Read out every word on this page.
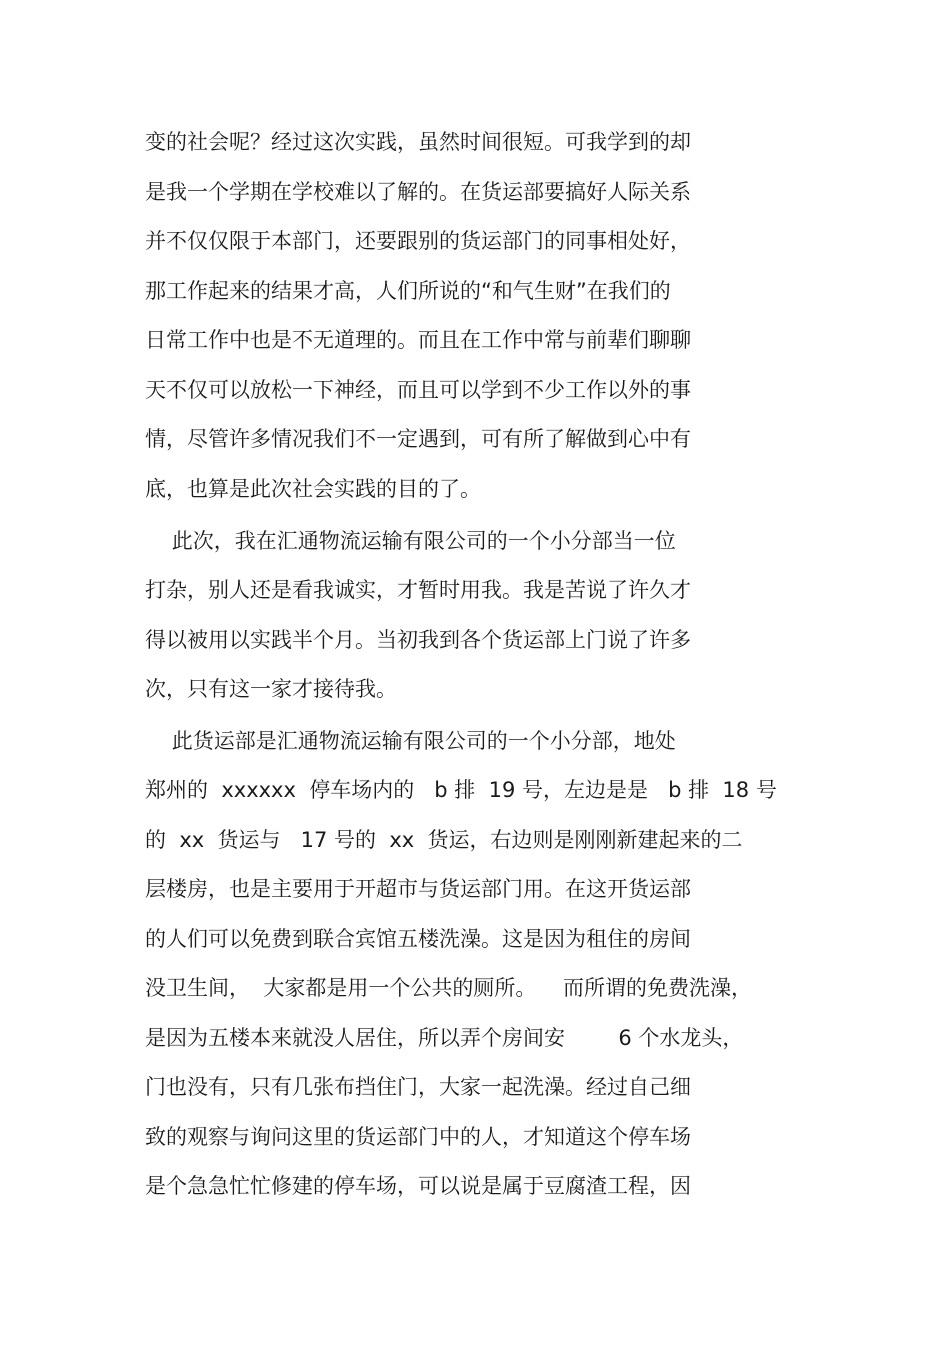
变的社会呢？经过这次实践，虽然时间很短。可我学到的却

是我一个学期在学校难以了解的。在货运部要搞好人际关系

并不仅仅限于本部门，还要跟别的货运部门的同事相处好，

那工作起来的结果才高，人们所说的“和气生财”在我们的

日常工作中也是不无道理的。而且在工作中常与前辈们聊聊

天不仅可以放松一下神经，而且可以学到不少工作以外的事

情，尽管许多情况我们不一定遇到，可有所了解做到心中有

底，也算是此次社会实践的目的了。

此次，我在汇通物流运输有限公司的一个小分部当一位

打杂，别人还是看我诚实，才暂时用我。我是苦说了许久才

得以被用以实践半个月。当初我到各个货运部上门说了许多

次，只有这一家才接待我。

此货运部是汇通物流运输有限公司的一个小分部，地处

郑州的  xxxxxx  停车场内的   b 排  19 号，左边是是   b 排  18 号

的  xx  货运与   17 号的  xx  货运，右边则是刚刚新建起来的二

层楼房，也是主要用于开超市与货运部门用。在这开货运部

的人们可以免费到联合宾馆五楼洗澡。这是因为租住的房间

没卫生间，  大家都是用一个公共的厕所。    而所谓的免费洗澡，

是因为五楼本来就没人居住，所以弄个房间安        6 个水龙头，

门也没有，只有几张布挡住门，大家一起洗澡。经过自己细

致的观察与询问这里的货运部门中的人，才知道这个停车场

是个急急忙忙修建的停车场，可以说是属于豆腐渣工程，因
